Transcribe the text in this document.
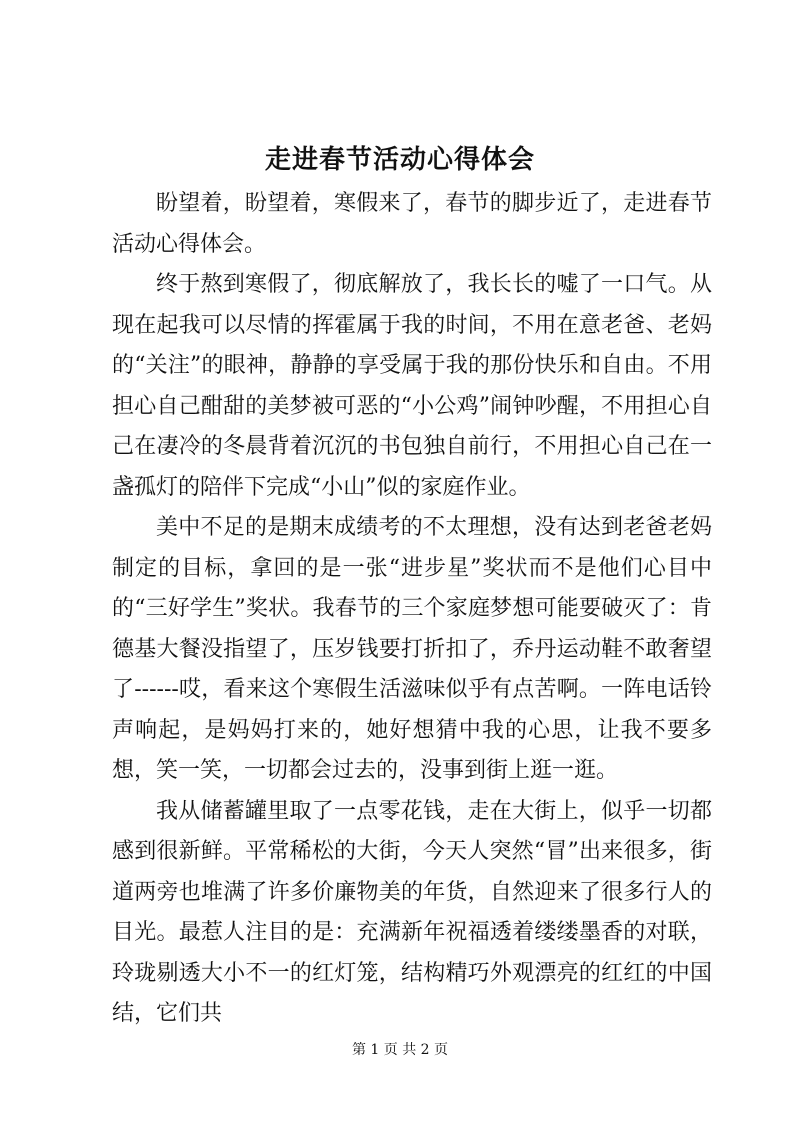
走进春节活动心得体会

盼望着，盼望着，寒假来了，春节的脚步近了，走进春节活动心得体会。

终于熬到寒假了，彻底解放了，我长长的嘘了一口气。从现在起我可以尽情的挥霍属于我的时间，不用在意老爸、老妈的“关注”的眼神，静静的享受属于我的那份快乐和自由。不用担心自己酣甜的美梦被可恶的“小公鸡”闹钟吵醒，不用担心自己在凄冷的冬晨背着沉沉的书包独自前行，不用担心自己在一盏孤灯的陪伴下完成“小山”似的家庭作业。

美中不足的是期末成绩考的不太理想，没有达到老爸老妈制定的目标，拿回的是一张“进步星”奖状而不是他们心目中的“三好学生”奖状。我春节的三个家庭梦想可能要破灭了：肯德基大餐没指望了，压岁钱要打折扣了，乔丹运动鞋不敢奢望了------哎，看来这个寒假生活滋味似乎有点苦啊。一阵电话铃声响起，是妈妈打来的，她好想猜中我的心思，让我不要多想，笑一笑，一切都会过去的，没事到街上逛一逛。

我从储蓄罐里取了一点零花钱，走在大街上，似乎一切都感到很新鲜。平常稀松的大街，今天人突然“冒”出来很多，街道两旁也堆满了许多价廉物美的年货，自然迎来了很多行人的目光。最惹人注目的是：充满新年祝福透着缕缕墨香的对联，玲珑剔透大小不一的红灯笼，结构精巧外观漂亮的红红的中国结，它们共

第 1 页 共 2 页
